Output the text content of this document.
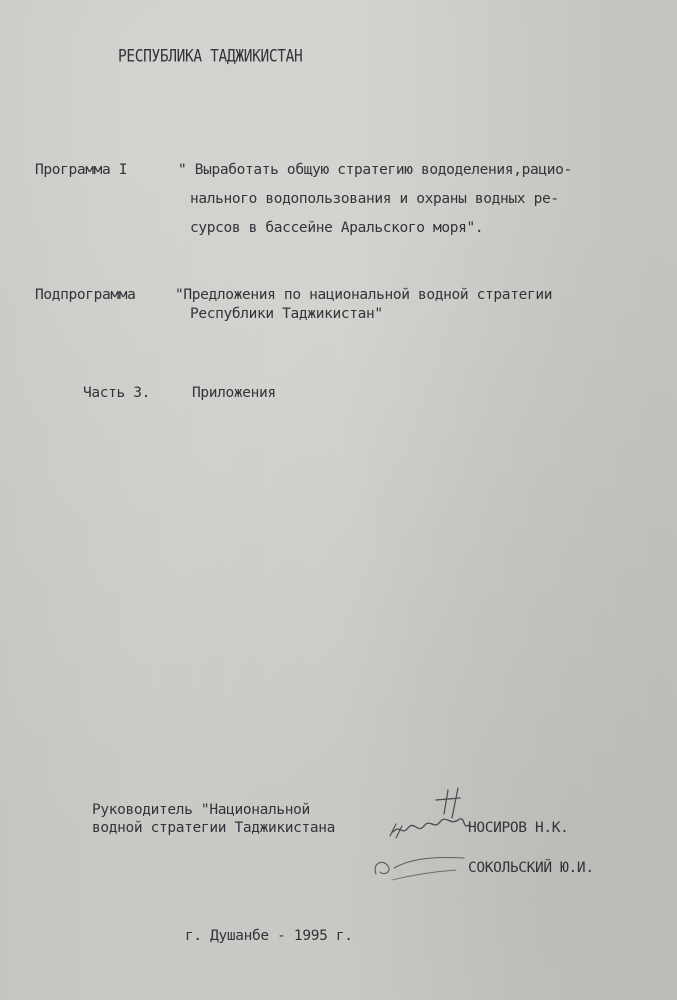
РЕСПУБЛИКА ТАДЖИКИСТАН
Программа I	" Выработать общую стратегию вододеления,рацио-
нального водопользования и охраны водных ре-
сурсов в бассейне Аральского моря".
Подпрограмма	"Предложения по национальной водной стратегии
Республики Таджикистан"
Часть 3.	Приложения
Руководитель "Национальной
водной стратегии Таджикистана	НОСИРОВ Н.К.
СОКОЛЬСКИЙ Ю.И.
г. Душанбе - 1995 г.
